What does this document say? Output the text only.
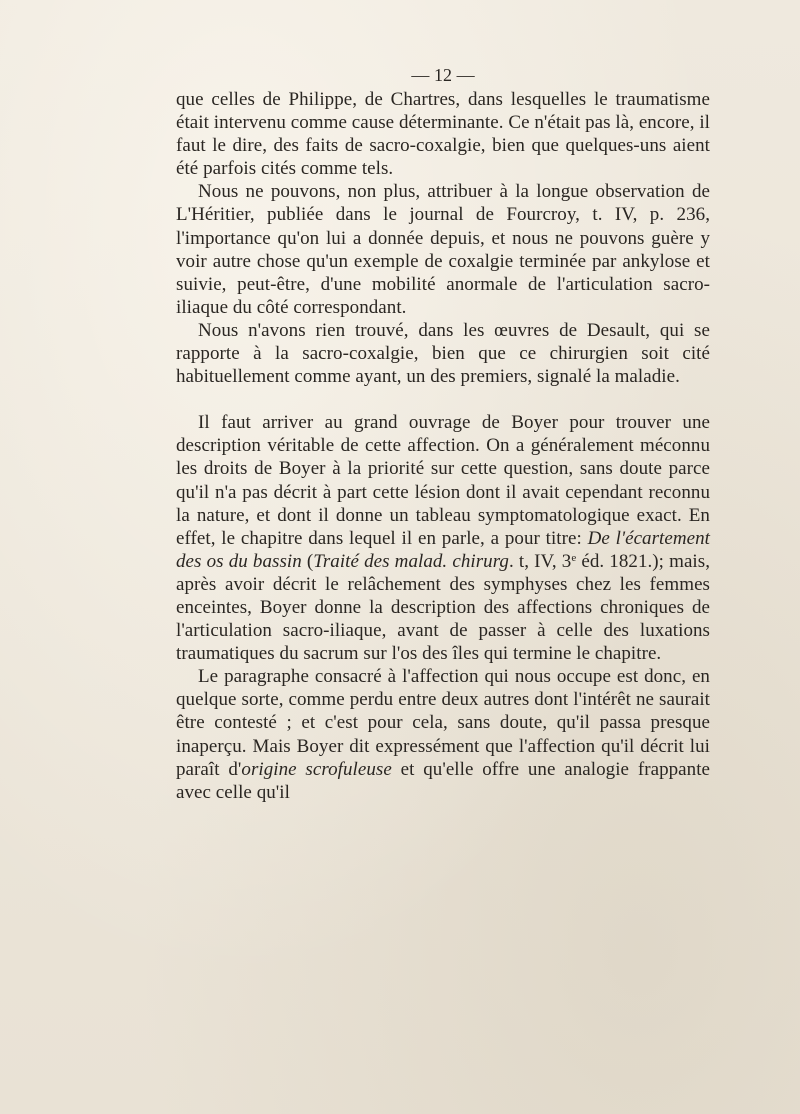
— 12 —

que celles de Philippe, de Chartres, dans lesquelles le traumatisme était intervenu comme cause déterminante. Ce n'était pas là, encore, il faut le dire, des faits de sacro-coxalgie, bien que quelques-uns aient été parfois cités comme tels.

Nous ne pouvons, non plus, attribuer à la longue observation de L'Héritier, publiée dans le journal de Fourcroy, t. IV, p. 236, l'importance qu'on lui a donnée depuis, et nous ne pouvons guère y voir autre chose qu'un exemple de coxalgie terminée par ankylose et suivie, peut-être, d'une mobilité anormale de l'articulation sacro-iliaque du côté correspondant.

Nous n'avons rien trouvé, dans les œuvres de Desault, qui se rapporte à la sacro-coxalgie, bien que ce chirurgien soit cité habituellement comme ayant, un des premiers, signalé la maladie.

Il faut arriver au grand ouvrage de Boyer pour trouver une description véritable de cette affection. On a généralement méconnu les droits de Boyer à la priorité sur cette question, sans doute parce qu'il n'a pas décrit à part cette lésion dont il avait cependant reconnu la nature, et dont il donne un tableau symptomatologique exact. En effet, le chapitre dans lequel il en parle, a pour titre: De l'écartement des os du bassin (Traité des malad. chirurg. t, IV, 3e éd. 1821.); mais, après avoir décrit le relâchement des symphyses chez les femmes enceintes, Boyer donne la description des affections chroniques de l'articulation sacro-iliaque, avant de passer à celle des luxations traumatiques du sacrum sur l'os des îles qui termine le chapitre.

Le paragraphe consacré à l'affection qui nous occupe est donc, en quelque sorte, comme perdu entre deux autres dont l'intérêt ne saurait être contesté ; et c'est pour cela, sans doute, qu'il passa presque inaperçu. Mais Boyer dit expressément que l'affection qu'il décrit lui paraît d'origine scrofuleuse et qu'elle offre une analogie frappante avec celle qu'il
